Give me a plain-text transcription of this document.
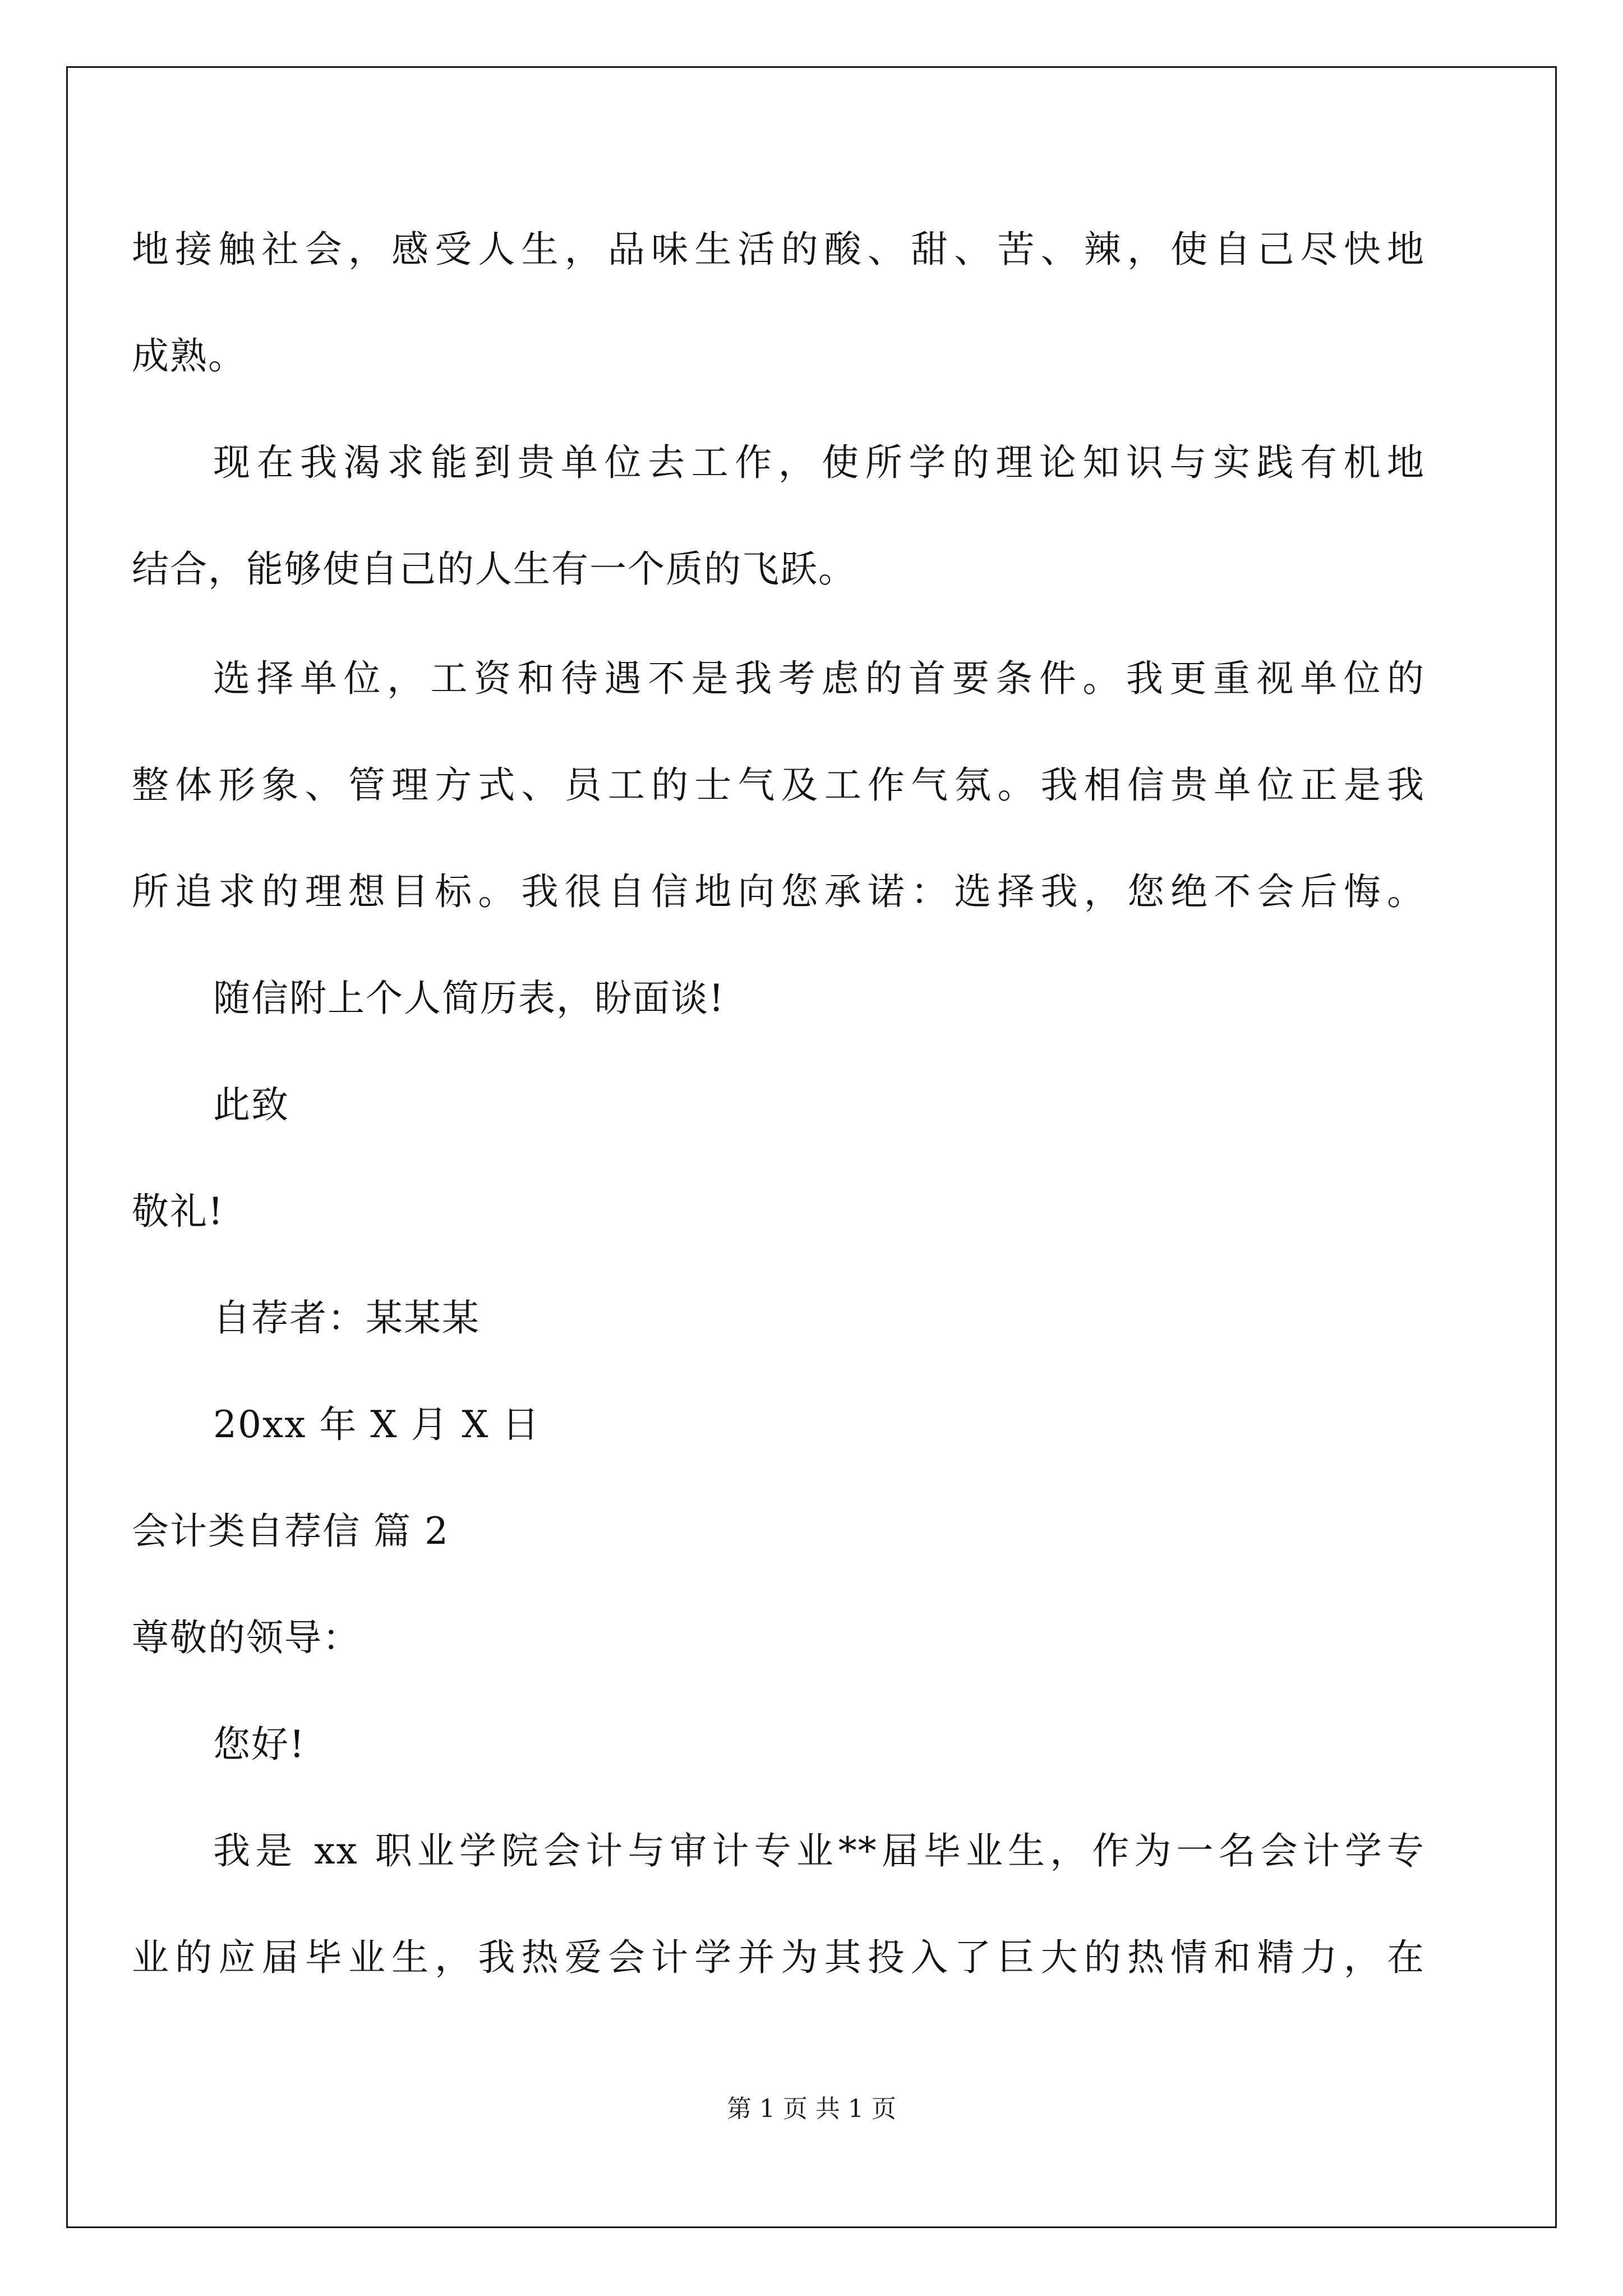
地接触社会，感受人生，品味生活的酸、甜、苦、辣，使自己尽快地
成熟。
现在我渴求能到贵单位去工作，使所学的理论知识与实践有机地
结合，能够使自己的人生有一个质的飞跃。
选择单位，工资和待遇不是我考虑的首要条件。我更重视单位的
整体形象、管理方式、员工的士气及工作气氛。我相信贵单位正是我
所追求的理想目标。我很自信地向您承诺：选择我，您绝不会后悔。
随信附上个人简历表，盼面谈!
此致
敬礼!
自荐者：某某某
20xx 年 X 月 X 日
会计类自荐信 篇 2
尊敬的领导：
您好!
我是 xx 职业学院会计与审计专业**届毕业生，作为一名会计学专
业的应届毕业生，我热爱会计学并为其投入了巨大的热情和精力，在
第 1 页 共 1 页
